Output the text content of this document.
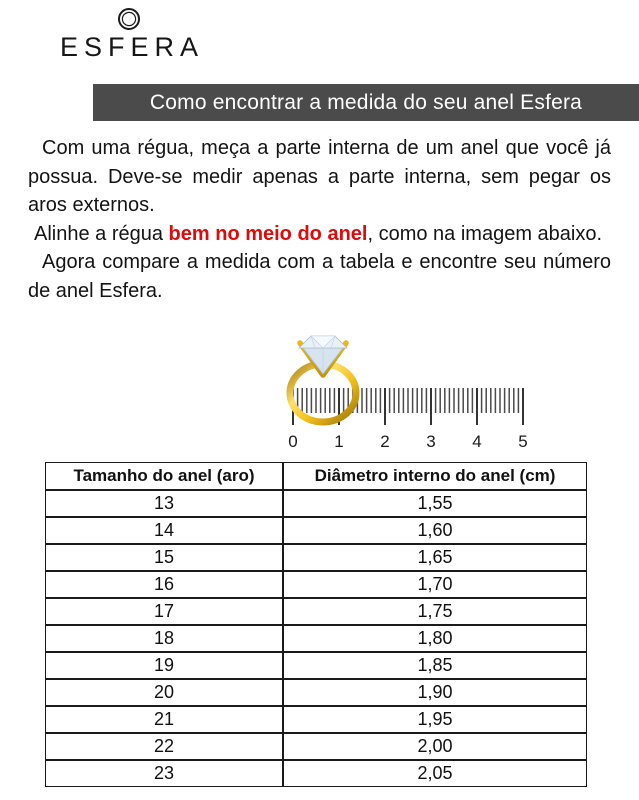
ESFERA
Como encontrar a medida do seu anel Esfera

Com uma régua, meça a parte interna de um anel que você já possua. Deve-se medir apenas a parte interna, sem pegar os aros externos.

Alinhe a régua bem no meio do anel, como na imagem abaixo.

Agora compare a medida com a tabela e encontre seu número de anel Esfera.

0 1 2 3 4 5
Tamanho do anel (aro)	Diâmetro interno do anel (cm)
13	1,55
14	1,60
15	1,65
16	1,70
17	1,75
18	1,80
19	1,85
20	1,90
21	1,95
22	2,00
23	2,05
